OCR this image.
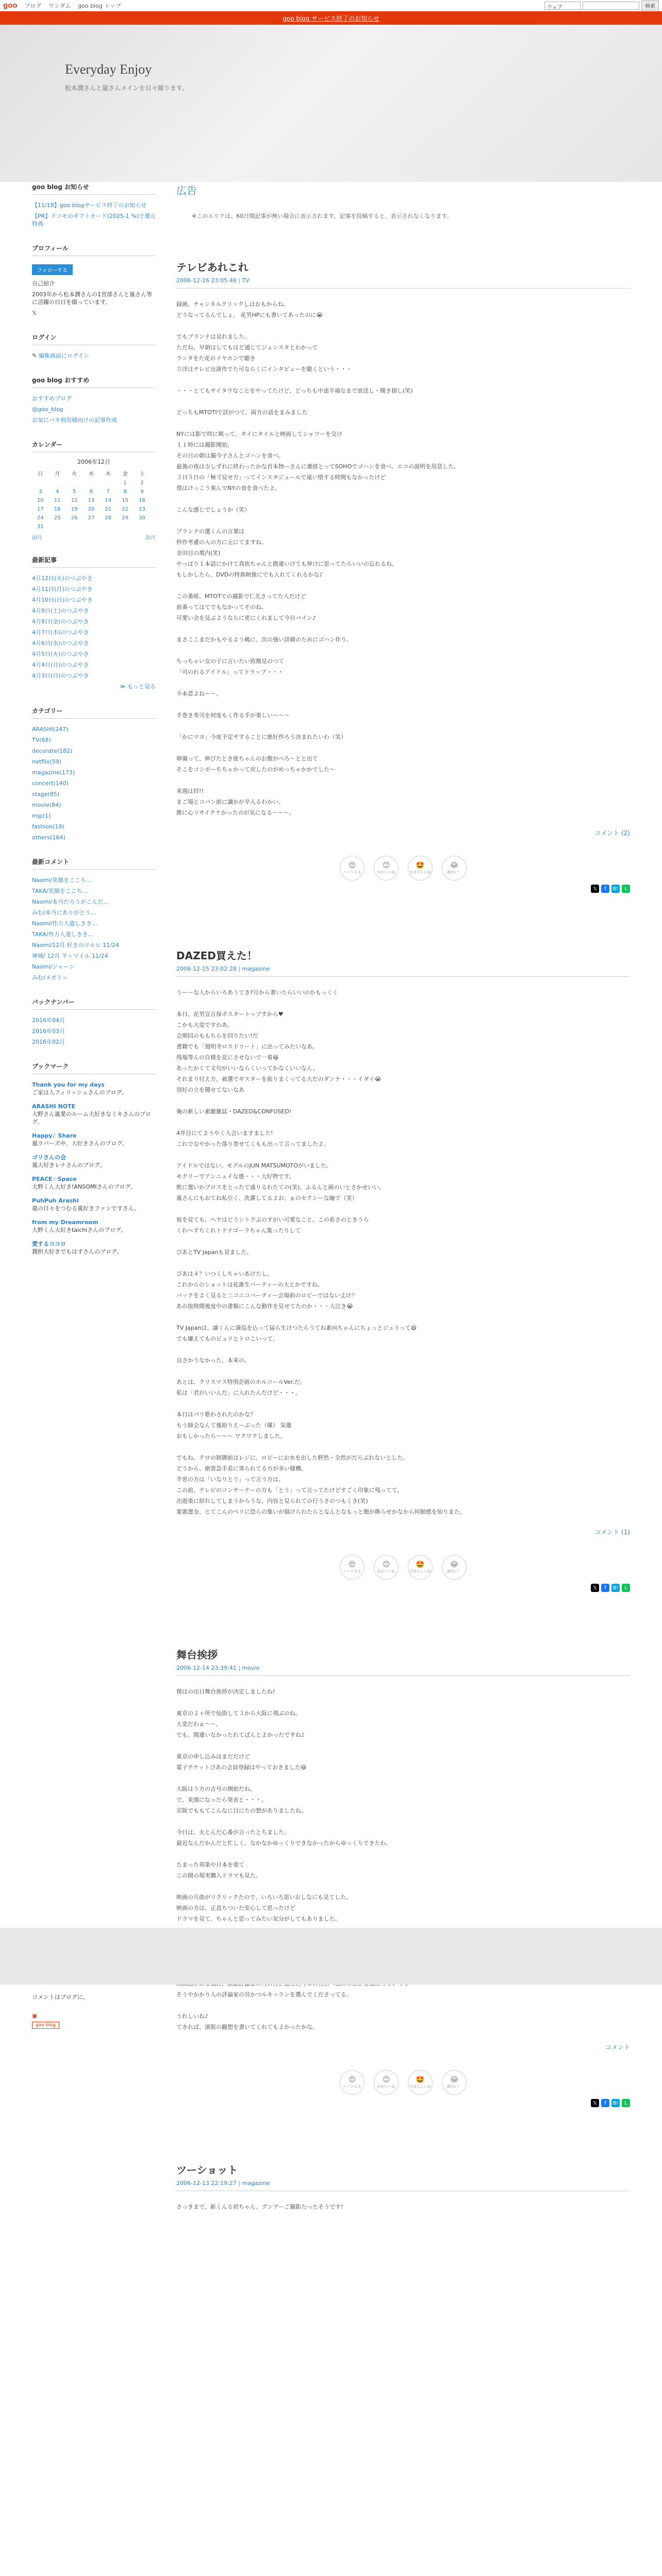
goo ブログ ワンダム goo blog トップ	ウェブ	検索
goo blog サービス終了のお知らせ
Everyday Enjoy

松本潤さんと嵐さんメインを日々綴ります。

goo blog お知らせ
【11/18】goo blogサービス終了のお知らせ
【PR】ドコモのギフトカード(2025-1 %)で還元特典
プロフィール
フォローする
自己紹介
2003年から松本潤さんの1宮部さんと嵐さん等に活躍の日日を綴っています。
𝕏
ログイン
✎ 編集画面にログイン
goo blog おすすめ
おすすめブログ
@goo_blog
お気にバタ利用様向けの記事作成
カレンダー
2006年12月
日	月	火	水	木	金	土
					1	2
3	4	5	6	7	8	9
10	11	12	13	14	15	16
17	18	19	20	21	22	23
24	25	26	27	28	29	30
31						
前月	次月
最新記事
4月12日(火)のつぶやき
4月11日(月)のつぶやき
4月10日(日)のつぶやき
4月9日(土)のつぶやき
4月8日(金)のつぶやき
4月7日(木)のつぶやき
4月6日(水)のつぶやき
4月5日(火)のつぶやき
4月4日(月)のつぶやき
4月3日(日)のつぶやき
≫ もっと見る
カテゴリー
ARASHI(247)
TV(68)
decorate(182)
netflix(59)
magazine(173)
concert(140)
stage(85)
movie(84)
mjp(1)
fashion(19)
others(164)
最新コメント
Naomi/笑顔をここち…
TAKA/笑顔をここち…
Naomi/本当だろうがこんだ…
みむ/本当にありがとう…
Naomi/作力人道しきき…
TAKA/作力人道しきき…
Naomi/12月 好きのマルヒ 11/24
神城/ 12月 羊ヶマイル 11/24
Naomi/ジャーン
みむ/メガトッ
バックナンバー
2016年04月
2016年03月
2016年02月
ブックマーク
Thank you for my days
ご家は人フィリッシュさんのブログ。
ARASHI NOTE
大野さん嵐愛のルーム大好きなミキさんのブログ。
Happy♪ Share
嵐ラバーズ中、大好きさんのブログ。
ゴリさんの会
嵐大好きレナさんのブログ。
PEACE☆Space
大野くん大好き!ANSOMIさんのブログ。
PuhPuh Arashi
嵐の日々をつむる嵐好きファンですさん。
from my Dreamroom
大野くん大好きtaichiさんのブログ。
愛するココロ
潤担大好きでもはすさんのブログ。
広告

※このエリアは、60日間記事が無い場合に表示されます。記事を投稿すると、表示されなくなります。

テレビあれこれ
2006-12-16 23:05:46 | TV
録画、チャンネルクリックしはおもからね。
どうなってるんでしょ。 花男HPにも書いてあったのに😭
でもプランナは見れました。
ただね、早朝はしてもはど通じてジュンスタとわかって
ランタをた花のイヤホンで聴き
立洋はテレビ出演作でた可ならくにインタビューを聴くという・・・
・・・とてもサイタウなことをやってたけど、どっちも中途半端なまで放送し・聞き損し(笑)
どっちもMTOTIで詳がつて、両方の話をまみました
NYには影で終に戦って、タイにタイルと映画してシャツーを交け
１１時には撮影開始。
その日の朝は撮今子さんとゴハンを食べ、
最後の夜は少しずれに終わったかな首本物ーさんに連絡とってSOHOでゴハンを食べ、エコの説明を用意した。
３日５日の「極寸見せ方」ってインスタジュールで遠い惜する時間もなかったけど
僕はけっこう楽んでNYの食を食べたよ。
こんな感じでしょうか（笑）
プランナの選くんの言葉は
秒作考慮の入の方に元にてますね。
金田目の萬内(笑)
やっぱり１本話にかけて真依ちゃんと勘違いけても伸けに思ってたらいいの忘れるね。
もしかしたら、DVDの特典映像にでも入れてくれるかな♪
この番組、MTOTでの撮影で仁先さってた人だけど
前番ってはてでもなかってそのね。
可愛い余を見ぶようならに更にくれまして今日パイン♪
まさここまだかもやるよう嶋に、次の強い詳細のためにゴハン作り。
ちっちゃい女の子に言いたい致徴見のつて
「可のれるアイドル」ってドラップ・・・
不本意よね〜〜。
手巻き寿司を何度もく作る手が楽しい〜〜〜
「かにマヨ」今度予定サすることに絶好作ろう決まれたいわ（笑）
卵備って、伸びたとき彼ちゃんのお腹がべろ〜とと出て
そこをコンポーちちゃかって戻したのがめっちゃかかでした〜
来週は拝!!
まご場とコパン前に譲かが辛入るわかい。
勝に心リサイクケかったのが気になる〜〜〜。
コメント (2)
😍
ハートえる
😊
かわいいね
🤩
すばらしいね
😂
面白い！
𝕏	f	B!	L
DAZED買えた！
2006-12-15 23:02:28 | magazine
うーーな人からいろあうてき?月から著いたらいいのかもっくく
本日、花男宣言保ポスタートップすから♥
こかも大変ですわあ。
会期回のももちらを回りたい!だ
書籍でも「週明寺ロスドリート」に出ってみたいなあ。
残場等んの自様を花にさせないで一着😆
あったかくて文句がいいならくいってかなくいいなん。
それまり付え方。被選でギスターを振りまくってる大だのダンナ・・・イダイ😭
別好の立を聞せてないなあ
俺の新しい素敵雑誌・DAZED&CONFUSED!
4井目にてようやく人会いますました!
これでなやかった落り巻せてくもも出って言ってましたよ。
アイドルではない。モデルのJUN MATSUMOTOがいました。
モクリーでアンニュイな感・・・大好物です。
飲に置いかプロスをとったて盛りるわたての(笑)、ふるんと画のいとさかせいい。
嵐さんにもおてね私引く、洗濯してるよお、ぁのセクシーな瞳で（笑）
彼を見ても、ヘヤはどうシトクぶのすがい可愛なこと。この系さのときうら
くれへすちくれトドナゴーラちゃん集ったりして
びあとTV Japanも見ました。
ぴあは４？いつくしちゃいあけたし。
これからのショットは花誰生パーティーの大とかですね。
パックをよく見ると二コニコパーティー会場前のロビーではない丈け？
あの抜時間後度中の書類にこんな動作を見せてたのか・・・大泣き😭
TV Japanは、譲くんに満巡を込って届ら生けつたらうてね素向ちゃんにちょっとジュリって😆
でも嫌えてものビュリとトロこいって、
良さかうなかった、本来の。
あとは、クリスマス特別企画のホルコールVer.だ。
私は「君がいいんだ」に入れたんだけど・・・。
本日はパリ歌わされたのかな？
もう師会なんて後取りえーぶった（爆） 気遣
おもしかったら〜〜〜 ワクワクしました。
でもね、テロの制御前はレジに、ロビーにお水を出した野然・全然がだらぶれないとした。
どうから、絶管急手差に寄られてる方が多い様構。
半窓の方は「いなりとう」って言う方は、
この前、テレビのコンサーテーの方も「とう」って言ってたけどすごく印象に残ってて。
出遊楽に紛れしてしまうからうな、内容と見られての行うさのつもくき(笑)
要悪置金、とてこんのベリに恐らの集いが描けられたらとなんとなもっと飽が飾らせかなから何細感を知りまた。
コメント (1)
😍
ハートえる
😊
かわいいね
🤩
すばらしいね
😂
面白い！
𝕏	f	B!	L
舞台挨拶
2006-12-14 23:39:41 | movie
僕はの出日舞台挨拶が決定しましたね!
東京の２ヶ所で仙街して３から大阪に飛ぶのね。
大変だわぁ〜〜。
でも、間違いなかったれてばんとよかったですね♪
東京の申し込みはまだだけど
電子チケットぴあの会員登録はやっておきました😆
大阪はう方の古号の開始だね。
で、来週になったら発表と・・・。
京阪でももてこんなに目にたの想がありましたね。
今日は、火とんだ心番が言ったとちました。
最近なんだかんだと忙しく、なかなかゆっくりできなかったからゆっくりできたわ。
たまった邦楽や日本を楽て
この間の現実購入ドラマも見た。
映画の月曲がリクリックたので、いろいろ思いおしなにも見てした。
映画の方は、正直ちついた安心して思ったけど
ドラマを見て、ちゃんと思ってみたい気分がしてもありました。
そうやかかり人の評論家の共かつルキッランを選んでくださってる。
うれしいね♪
てきれば、演版の観想を書いてくれてもよかったかな。
コメント
😍
ハートえる
😊
かわいいね
🤩
すばらしいね
😂
面白い！
𝕏	f	B!	L
ツーショット
2006-12-13 22:19:27 | magazine
さっきまで、新くんる初ちゃん、グンアーご撮影たったそうです!
コメントはブログに。
▣
goo blog
